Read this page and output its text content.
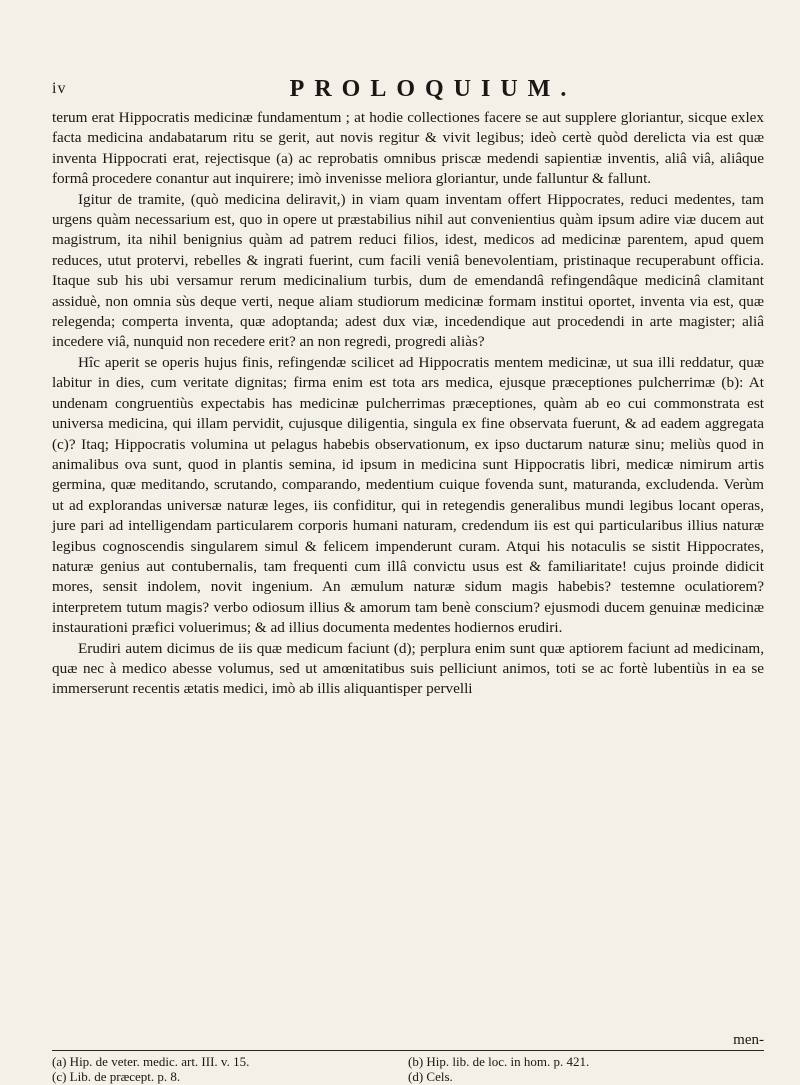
iv	PROLOQUIUM.

terum erat Hippocratis medicinæ fundamentum ; at hodie collectiones facere se aut supplere gloriantur, sicque exlex facta medicina andabatarum ritu se gerit, aut novis regitur & vivit legibus; ideò certè quòd derelicta via est quæ inventa Hippocrati erat, rejectisque (a) ac reprobatis omnibus priscæ medendi sapientiæ inventis, aliâ viâ, aliâque formâ procedere conantur aut inquirere; imò invenisse meliora gloriantur, unde falluntur & fallunt.

Igitur de tramite, (quò medicina deliravit,) in viam quam inventam offert Hippocrates, reduci medentes, tam urgens quàm necessarium est, quo in opere ut præstabilius nihil aut convenientius quàm ipsum adire viæ ducem aut magistrum, ita nihil benignius quàm ad patrem reduci filios, idest, medicos ad medicinæ parentem, apud quem reduces, utut protervi, rebelles & ingrati fuerint, cum facili veniâ benevolentiam, pristinaque recuperabunt officia. Itaque sub his ubi versamur rerum medicinalium turbis, dum de emendandâ refingendâque medicinâ clamitant assiduè, non omnia sùs deque verti, neque aliam studiorum medicinæ formam institui oportet, inventa via est, quæ relegenda; comperta inventa, quæ adoptanda; adest dux viæ, incedendique aut procedendi in arte magister; aliâ incedere viâ, nunquid non recedere erit? an non regredi, progredi aliàs?

Hîc aperit se operis hujus finis, refingendæ scilicet ad Hippocratis mentem medicinæ, ut sua illi reddatur, quæ labitur in dies, cum veritate dignitas; firma enim est tota ars medica, ejusque præceptiones pulcherrimæ (b): At undenam congruentiùs expectabis has medicinæ pulcherrimas præceptiones, quàm ab eo cui commonstrata est universa medicina, qui illam pervidit, cujusque diligentia, singula ex fine observata fuerunt, & ad eadem aggregata (c)? Itaq; Hippocratis volumina ut pelagus habebis observationum, ex ipso ductarum naturæ sinu; meliùs quod in animalibus ova sunt, quod in plantis semina, id ipsum in medicina sunt Hippocratis libri, medicæ nimirum artis germina, quæ meditando, scrutando, comparando, medentium cuique fovenda sunt, maturanda, excludenda. Verùm ut ad explorandas universæ naturæ leges, iis confiditur, qui in retegendis generalibus mundi legibus locant operas, jure pari ad intelligendam particularem corporis humani naturam, credendum iis est qui particularibus illius naturæ legibus cognoscendis singularem simul & felicem impenderunt curam. Atqui his notaculis se sistit Hippocrates, naturæ genius aut contubernalis, tam frequenti cum illâ convictu usus est & familiaritate! cujus proinde didicit mores, sensit indolem, novit ingenium. An æmulum naturæ sidum magis habebis? testemne oculatiorem? interpretem tutum magis? verbo odiosum illius & amorum tam benè conscium? ejusmodi ducem genuinæ medicinæ instaurationi præfici voluerimus; & ad illius documenta medentes hodiernos erudiri.

Erudiri autem dicimus de iis quæ medicum faciunt (d); perplura enim sunt quæ aptiorem faciunt ad medicinam, quæ nec à medico abesse volumus, sed ut amœnitatibus suis pelliciunt animos, toti se ac fortè lubentiùs in ea se immerserunt recentis ætatis medici, imò ab illis aliquantisper pervelli

men-
(a) Hip. de veter. medic. art. III. v. 15.	(b) Hip. lib. de loc. in hom. p. 421.
(c) Lib. de præcept. p. 8.	(d) Cels.
